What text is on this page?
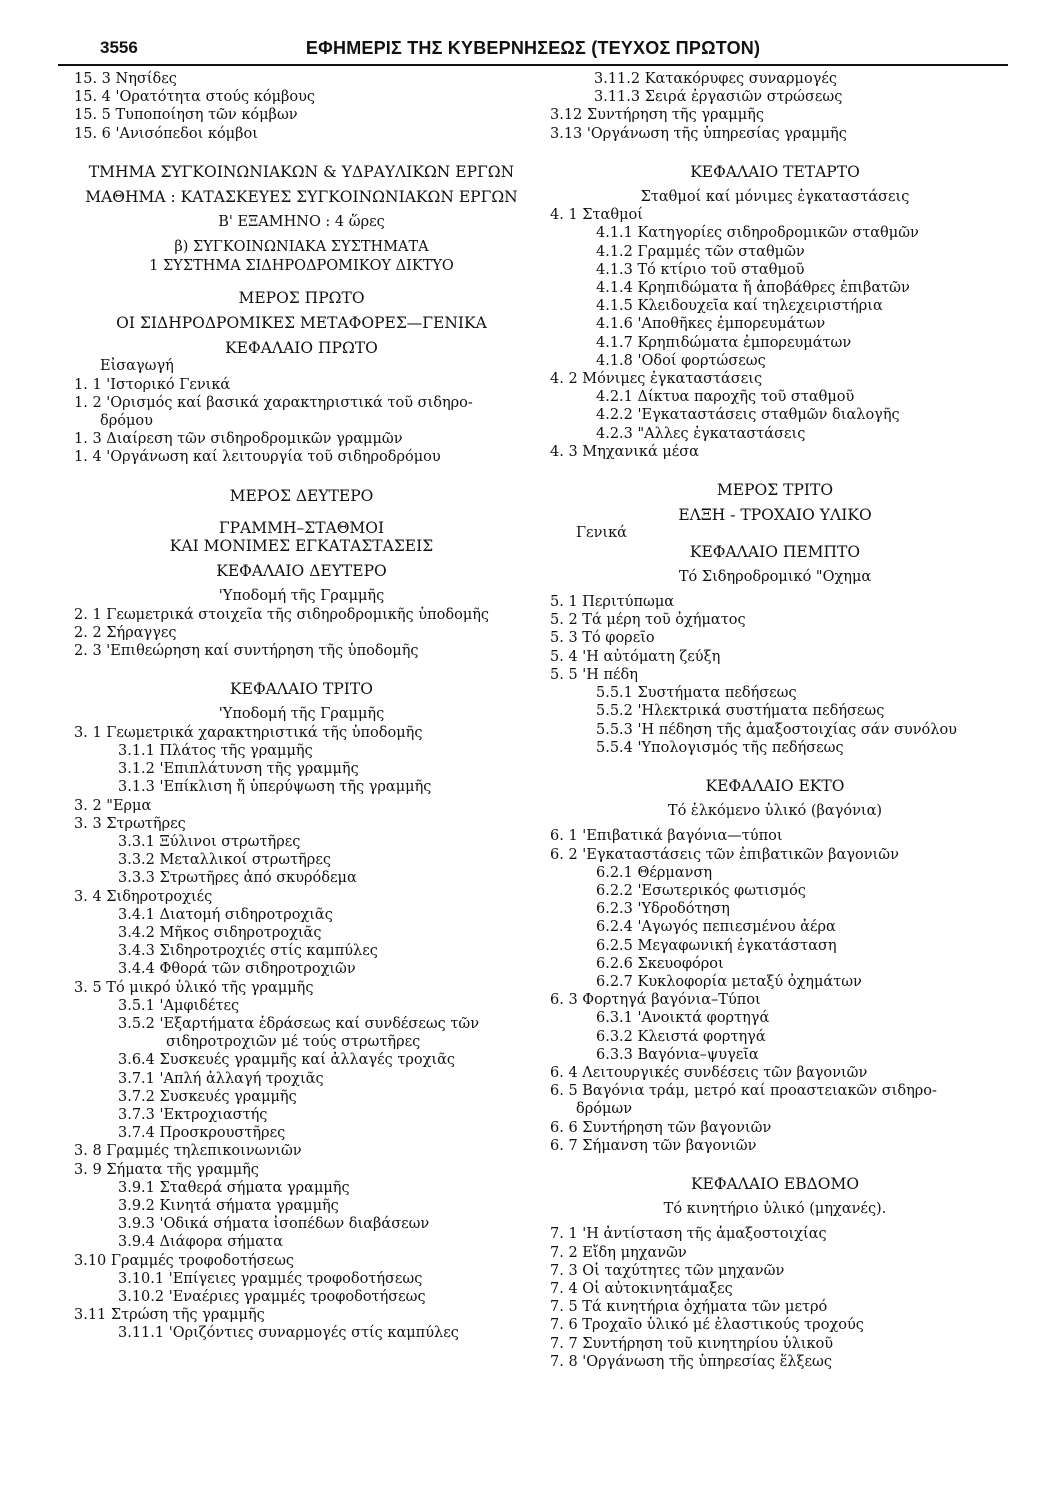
3556	ΕΦΗΜΕΡΙΣ ΤΗΣ ΚΥΒΕΡΝΗΣΕΩΣ (ΤΕΥΧΟΣ ΠΡΩΤΟΝ)
15. 3 Νησίδες
15. 4 'Ορατότητα στούς κόμβους
15. 5 Τυποποίηση τῶν κόμβων
15. 6 'Ανισόπεδοι κόμβοι
ΤΜΗΜΑ ΣΥΓΚΟΙΝΩΝΙΑΚΩΝ & ΥΔΡΑΥΛΙΚΩΝ ΕΡΓΩΝ
ΜΑΘΗΜΑ : ΚΑΤΑΣΚΕΥΕΣ ΣΥΓΚΟΙΝΩΝΙΑΚΩΝ ΕΡΓΩΝ
Β' ΕΞΑΜΗΝΟ : 4 ὥρες
β) ΣΥΓΚΟΙΝΩΝΙΑΚΑ ΣΥΣΤΗΜΑΤΑ
1 ΣΥΣΤΗΜΑ ΣΙΔΗΡΟΔΡΟΜΙΚΟΥ ΔΙΚΤΥΟ
ΜΕΡΟΣ ΠΡΩΤΟ
ΟΙ ΣΙΔΗΡΟΔΡΟΜΙΚΕΣ ΜΕΤΑΦΟΡΕΣ—ΓΕΝΙΚΑ
ΚΕΦΑΛΑΙΟ ΠΡΩΤΟ
Εἰσαγωγή
1. 1 'Ιστορικό Γενικά
1. 2 'Ορισμός καί βασικά χαρακτηριστικά τοῦ σιδηρο-
δρόμου
1. 3 Διαίρεση τῶν σιδηροδρομικῶν γραμμῶν
1. 4 'Οργάνωση καί λειτουργία τοῦ σιδηροδρόμου
ΜΕΡΟΣ ΔΕΥΤΕΡΟ
ΓΡΑΜΜΗ–ΣΤΑΘΜΟΙ
ΚΑΙ ΜΟΝΙΜΕΣ ΕΓΚΑΤΑΣΤΑΣΕΙΣ
ΚΕΦΑΛΑΙΟ ΔΕΥΤΕΡΟ
'Υποδομή τῆς Γραμμῆς
2. 1 Γεωμετρικά στοιχεῖα τῆς σιδηροδρομικῆς ὑποδομῆς
2. 2 Σήραγγες
2. 3 'Επιθεώρηση καί συντήρηση τῆς ὑποδομῆς
ΚΕΦΑΛΑΙΟ ΤΡΙΤΟ
'Υποδομή τῆς Γραμμῆς
3. 1 Γεωμετρικά χαρακτηριστικά τῆς ὑποδομῆς
3.1.1 Πλάτος τῆς γραμμῆς
3.1.2 'Επιπλάτυνση τῆς γραμμῆς
3.1.3 'Επίκλιση ἤ ὑπερύψωση τῆς γραμμῆς
3. 2 "Ερμα
3. 3 Στρωτῆρες
3.3.1 Ξύλινοι στρωτῆρες
3.3.2 Μεταλλικοί στρωτῆρες
3.3.3 Στρωτῆρες ἀπό σκυρόδεμα
3. 4 Σιδηροτροχιές
3.4.1 Διατομή σιδηροτροχιᾶς
3.4.2 Μῆκος σιδηροτροχιᾶς
3.4.3 Σιδηροτροχιές στίς καμπύλες
3.4.4 Φθορά τῶν σιδηροτροχιῶν
3. 5 Τό μικρό ὑλικό τῆς γραμμῆς
3.5.1 'Αμφιδέτες
3.5.2 'Εξαρτήματα ἑδράσεως καί συνδέσεως τῶν
σιδηροτροχιῶν μέ τούς στρωτῆρες
3.6.4 Συσκευές γραμμῆς καί ἀλλαγές τροχιᾶς
3.7.1 'Απλή ἀλλαγή τροχιᾶς
3.7.2 Συσκευές γραμμῆς
3.7.3 'Εκτροχιαστής
3.7.4 Προσκρουστῆρες
3. 8 Γραμμές τηλεπικοινωνιῶν
3. 9 Σήματα τῆς γραμμῆς
3.9.1 Σταθερά σήματα γραμμῆς
3.9.2 Κινητά σήματα γραμμῆς
3.9.3 'Οδικά σήματα ἰσοπέδων διαβάσεων
3.9.4 Διάφορα σήματα
3.10 Γραμμές τροφοδοτήσεως
3.10.1 'Επίγειες γραμμές τροφοδοτήσεως
3.10.2 'Εναέριες γραμμές τροφοδοτήσεως
3.11 Στρώση τῆς γραμμῆς
3.11.1 'Οριζόντιες συναρμογές στίς καμπύλες
3.11.2 Κατακόρυφες συναρμογές
3.11.3 Σειρά ἐργασιῶν στρώσεως
3.12 Συντήρηση τῆς γραμμῆς
3.13 'Οργάνωση τῆς ὑπηρεσίας γραμμῆς
ΚΕΦΑΛΑΙΟ ΤΕΤΑΡΤΟ
Σταθμοί καί μόνιμες ἐγκαταστάσεις
4. 1 Σταθμοί
4.1.1 Κατηγορίες σιδηροδρομικῶν σταθμῶν
4.1.2 Γραμμές τῶν σταθμῶν
4.1.3 Τό κτίριο τοῦ σταθμοῦ
4.1.4 Κρηπιδώματα ἤ ἀποβάθρες ἐπιβατῶν
4.1.5 Κλειδουχεῖα καί τηλεχειριστήρια
4.1.6 'Αποθῆκες ἐμπορευμάτων
4.1.7 Κρηπιδώματα ἐμπορευμάτων
4.1.8 'Οδοί φορτώσεως
4. 2 Μόνιμες ἐγκαταστάσεις
4.2.1 Δίκτυα παροχῆς τοῦ σταθμοῦ
4.2.2 'Εγκαταστάσεις σταθμῶν διαλογῆς
4.2.3 "Αλλες ἐγκαταστάσεις
4. 3 Μηχανικά μέσα
ΜΕΡΟΣ ΤΡΙΤΟ
ΕΛΞΗ - ΤΡΟΧΑΙΟ ΥΛΙΚΟ
Γενικά
ΚΕΦΑΛΑΙΟ ΠΕΜΠΤΟ
Τό Σιδηροδρομικό "Οχημα
5. 1 Περιτύπωμα
5. 2 Τά μέρη τοῦ ὀχήματος
5. 3 Τό φορεῖο
5. 4 'Η αὐτόματη ζεύξη
5. 5 'Η πέδη
5.5.1 Συστήματα πεδήσεως
5.5.2 'Ηλεκτρικά συστήματα πεδήσεως
5.5.3 'Η πέδηση τῆς ἁμαξοστοιχίας σάν συνόλου
5.5.4 'Υπολογισμός τῆς πεδήσεως
ΚΕΦΑΛΑΙΟ ΕΚΤΟ
Τό ἑλκόμενο ὑλικό (βαγόνια)
6. 1 'Επιβατικά βαγόνια—τύποι
6. 2 'Εγκαταστάσεις τῶν ἐπιβατικῶν βαγονιῶν
6.2.1 Θέρμανση
6.2.2 'Εσωτερικός φωτισμός
6.2.3 'Υδροδότηση
6.2.4 'Αγωγός πεπιεσμένου ἀέρα
6.2.5 Μεγαφωνική ἐγκατάσταση
6.2.6 Σκευοφόροι
6.2.7 Κυκλοφορία μεταξύ ὀχημάτων
6. 3 Φορτηγά βαγόνια–Τύποι
6.3.1 'Ανοικτά φορτηγά
6.3.2 Κλειστά φορτηγά
6.3.3 Βαγόνια–ψυγεῖα
6. 4 Λειτουργικές συνδέσεις τῶν βαγονιῶν
6. 5 Βαγόνια τράμ, μετρό καί προαστειακῶν σιδηρο-
δρόμων
6. 6 Συντήρηση τῶν βαγονιῶν
6. 7 Σήμανση τῶν βαγονιῶν
ΚΕΦΑΛΑΙΟ ΕΒΔΟΜΟ
Τό κινητήριο ὑλικό (μηχανές).
7. 1 'Η ἀντίσταση τῆς ἁμαξοστοιχίας
7. 2 Εἴδη μηχανῶν
7. 3 Οἱ ταχύτητες τῶν μηχανῶν
7. 4 Οἱ αὐτοκινητάμαξες
7. 5 Τά κινητήρια ὀχήματα τῶν μετρό
7. 6 Τροχαῖο ὑλικό μέ ἐλαστικούς τροχούς
7. 7 Συντήρηση τοῦ κινητηρίου ὑλικοῦ
7. 8 'Οργάνωση τῆς ὑπηρεσίας ἕλξεως
